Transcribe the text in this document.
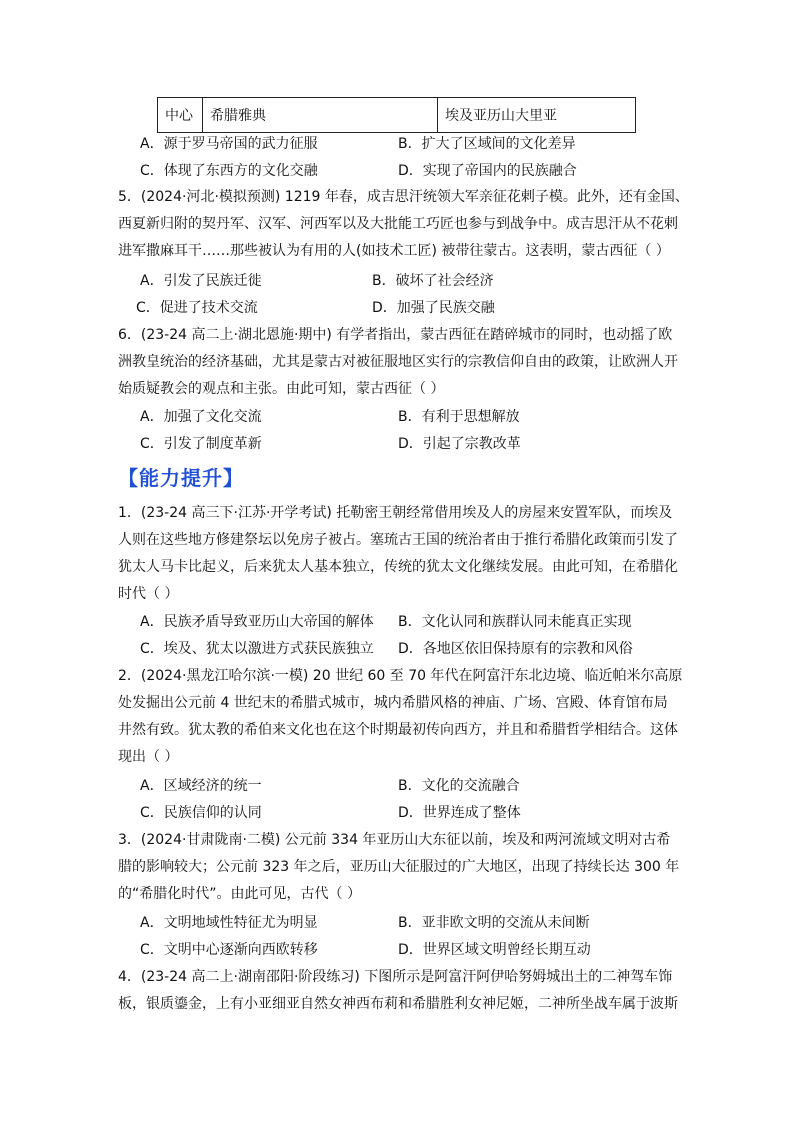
中心	希腊雅典	埃及亚历山大里亚
A．源于罗马帝国的武力征服	B．扩大了区域间的文化差异
C．体现了东西方的文化交融	D．实现了帝国内的民族融合
5．(2024·河北·模拟预测) 1219 年春，成吉思汗统领大军亲征花剌子模。此外，还有金国、
西夏新归附的契丹军、汉军、河西军以及大批能工巧匠也参与到战争中。成吉思汗从不花剌
进军撒麻耳干……那些被认为有用的人(如技术工匠) 被带往蒙古。这表明，蒙古西征（ ）
A．引发了民族迁徙	B．破坏了社会经济
C．促进了技术交流	D．加强了民族交融
6．(23-24 高二上·湖北恩施·期中) 有学者指出，蒙古西征在踏碎城市的同时，也动摇了欧
洲教皇统治的经济基础，尤其是蒙古对被征服地区实行的宗教信仰自由的政策，让欧洲人开
始质疑教会的观点和主张。由此可知，蒙古西征（ ）
A．加强了文化交流	B．有利于思想解放
C．引发了制度革新	D．引起了宗教改革
【能力提升】
1．(23-24 高三下·江苏·开学考试) 托勒密王朝经常借用埃及人的房屋来安置军队，而埃及
人则在这些地方修建祭坛以免房子被占。塞琉古王国的统治者由于推行希腊化政策而引发了
犹太人马卡比起义，后来犹太人基本独立，传统的犹太文化继续发展。由此可知，在希腊化
时代（ ）
A．民族矛盾导致亚历山大帝国的解体 B．文化认同和族群认同未能真正实现
C．埃及、犹太以激进方式获民族独立 D．各地区依旧保持原有的宗教和风俗
2．(2024·黑龙江哈尔滨·一模) 20 世纪 60 至 70 年代在阿富汗东北边境、临近帕米尔高原
处发掘出公元前 4 世纪末的希腊式城市，城内希腊风格的神庙、广场、宫殿、体育馆布局
井然有致。犹太教的希伯来文化也在这个时期最初传向西方，并且和希腊哲学相结合。这体
现出（ ）
A．区域经济的统一	B．文化的交流融合
C．民族信仰的认同	D．世界连成了整体
3．(2024·甘肃陇南·二模) 公元前 334 年亚历山大东征以前，埃及和两河流域文明对古希
腊的影响较大；公元前 323 年之后，亚历山大征服过的广大地区，出现了持续长达 300 年
的“希腊化时代”。由此可见，古代（ ）
A．文明地域性特征尤为明显	B．亚非欧文明的交流从未间断
C．文明中心逐渐向西欧转移	D．世界区域文明曾经长期互动
4．(23-24 高二上·湖南邵阳·阶段练习) 下图所示是阿富汗阿伊哈努姆城出土的二神驾车饰
板，银质鎏金，上有小亚细亚自然女神西布莉和希腊胜利女神尼姬，二神所坐战车属于波斯
